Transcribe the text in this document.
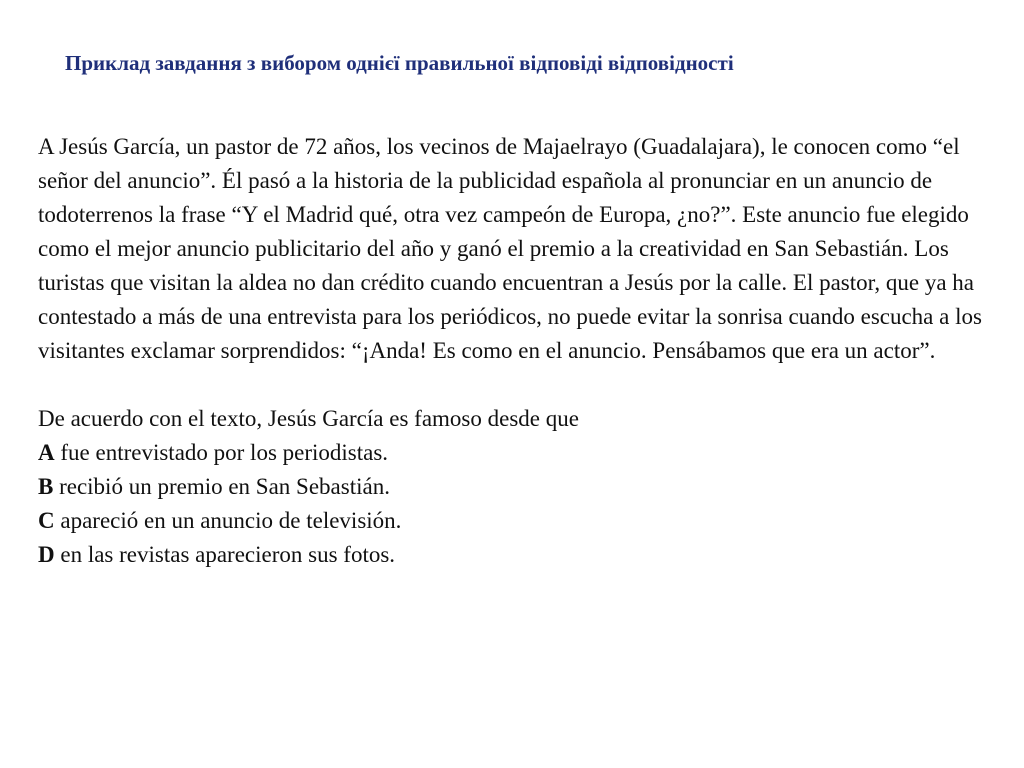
Приклад завдання з вибором однієї правильної відповіді відповідності

A Jesús García, un pastor de 72 años, los vecinos de Majaelrayo (Guadalajara), le conocen como “el señor del anuncio”. Él pasó a la historia de la publicidad española al pronunciar en un anuncio de todoterrenos la frase “Y el Madrid qué, otra vez campeón de Europa, ¿no?”. Este anuncio fue elegido como el mejor anuncio publicitario del año y ganó el premio a la creatividad en San Sebastián. Los turistas que visitan la aldea no dan crédito cuando encuentran a Jesús por la calle. El pastor, que ya ha contestado a más de una entrevista para los periódicos, no puede evitar la sonrisa cuando escucha a los visitantes exclamar sorprendidos: “¡Anda! Es como en el anuncio. Pensábamos que era un actor”.

De acuerdo con el texto, Jesús García es famoso desde que

A fue entrevistado por los periodistas.
B recibió un premio en San Sebastián.
C apareció en un anuncio de televisión.
D en las revistas aparecieron sus fotos.
